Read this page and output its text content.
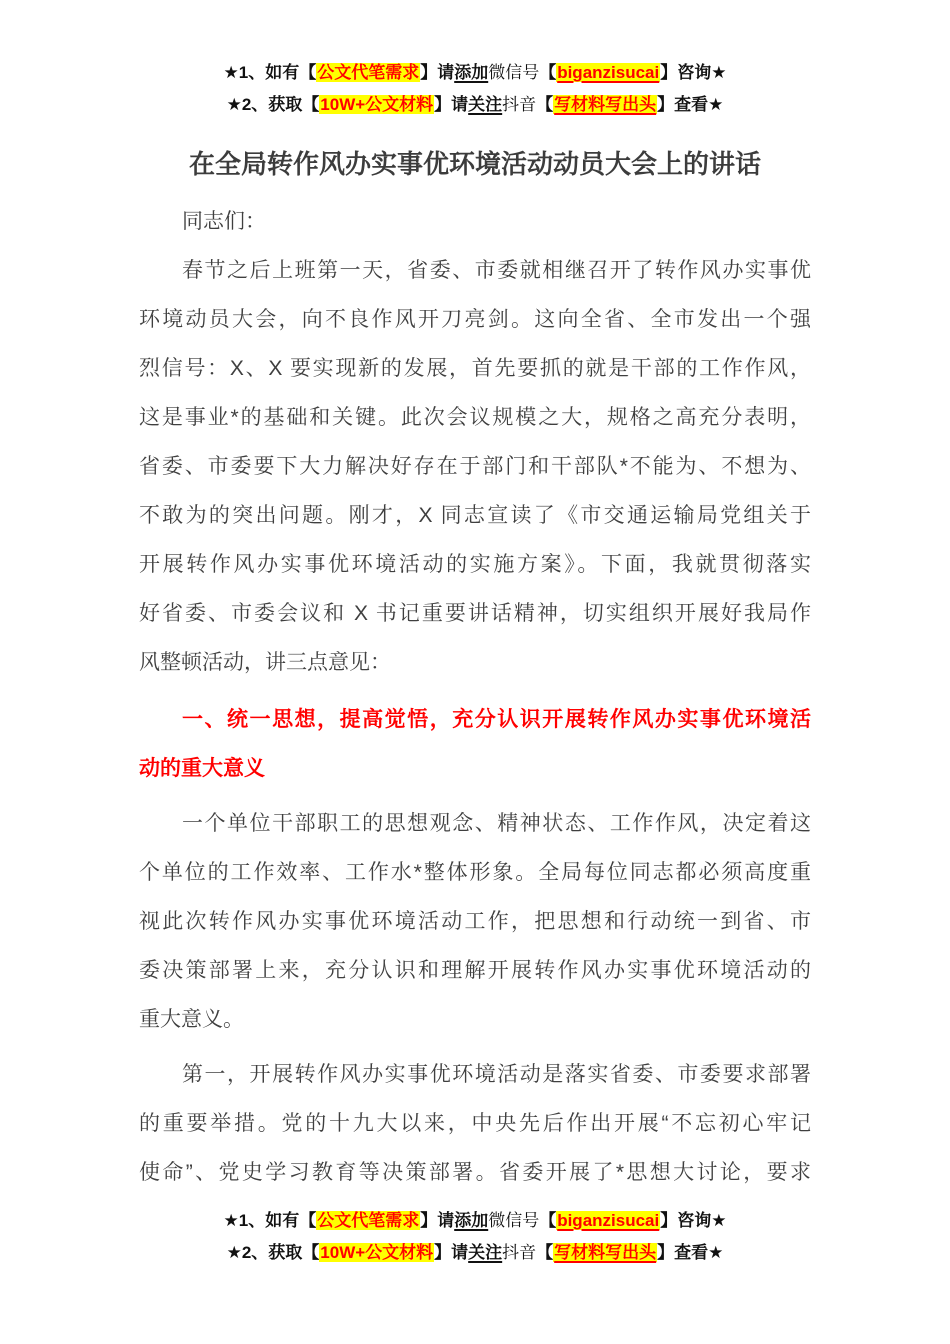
★1、如有【公文代笔需求】请添加微信号【biganzisucai】咨询★
★2、获取【10W+公文材料】请关注抖音【写材料写出头】查看★
在全局转作风办实事优环境活动动员大会上的讲话
同志们：
春节之后上班第一天，省委、市委就相继召开了转作风办实事优
环境动员大会，向不良作风开刀亮剑。这向全省、全市发出一个强
烈信号：X、X 要实现新的发展，首先要抓的就是干部的工作作风，
这是事业*的基础和关键。此次会议规模之大，规格之高充分表明，
省委、市委要下大力解决好存在于部门和干部队*不能为、不想为、
不敢为的突出问题。刚才，X 同志宣读了《市交通运输局党组关于
开展转作风办实事优环境活动的实施方案》。下面，我就贯彻落实
好省委、市委会议和 X 书记重要讲话精神，切实组织开展好我局作
风整顿活动，讲三点意见：
一、统一思想，提高觉悟，充分认识开展转作风办实事优环境活
动的重大意义
一个单位干部职工的思想观念、精神状态、工作作风，决定着这
个单位的工作效率、工作水*整体形象。全局每位同志都必须高度重
视此次转作风办实事优环境活动工作，把思想和行动统一到省、市
委决策部署上来，充分认识和理解开展转作风办实事优环境活动的
重大意义。
第一，开展转作风办实事优环境活动是落实省委、市委要求部署
的重要举措。党的十九大以来，中央先后作出开展“不忘初心牢记
使命”、党史学习教育等决策部署。省委开展了*思想大讨论，要求
★1、如有【公文代笔需求】请添加微信号【biganzisucai】咨询★
★2、获取【10W+公文材料】请关注抖音【写材料写出头】查看★
